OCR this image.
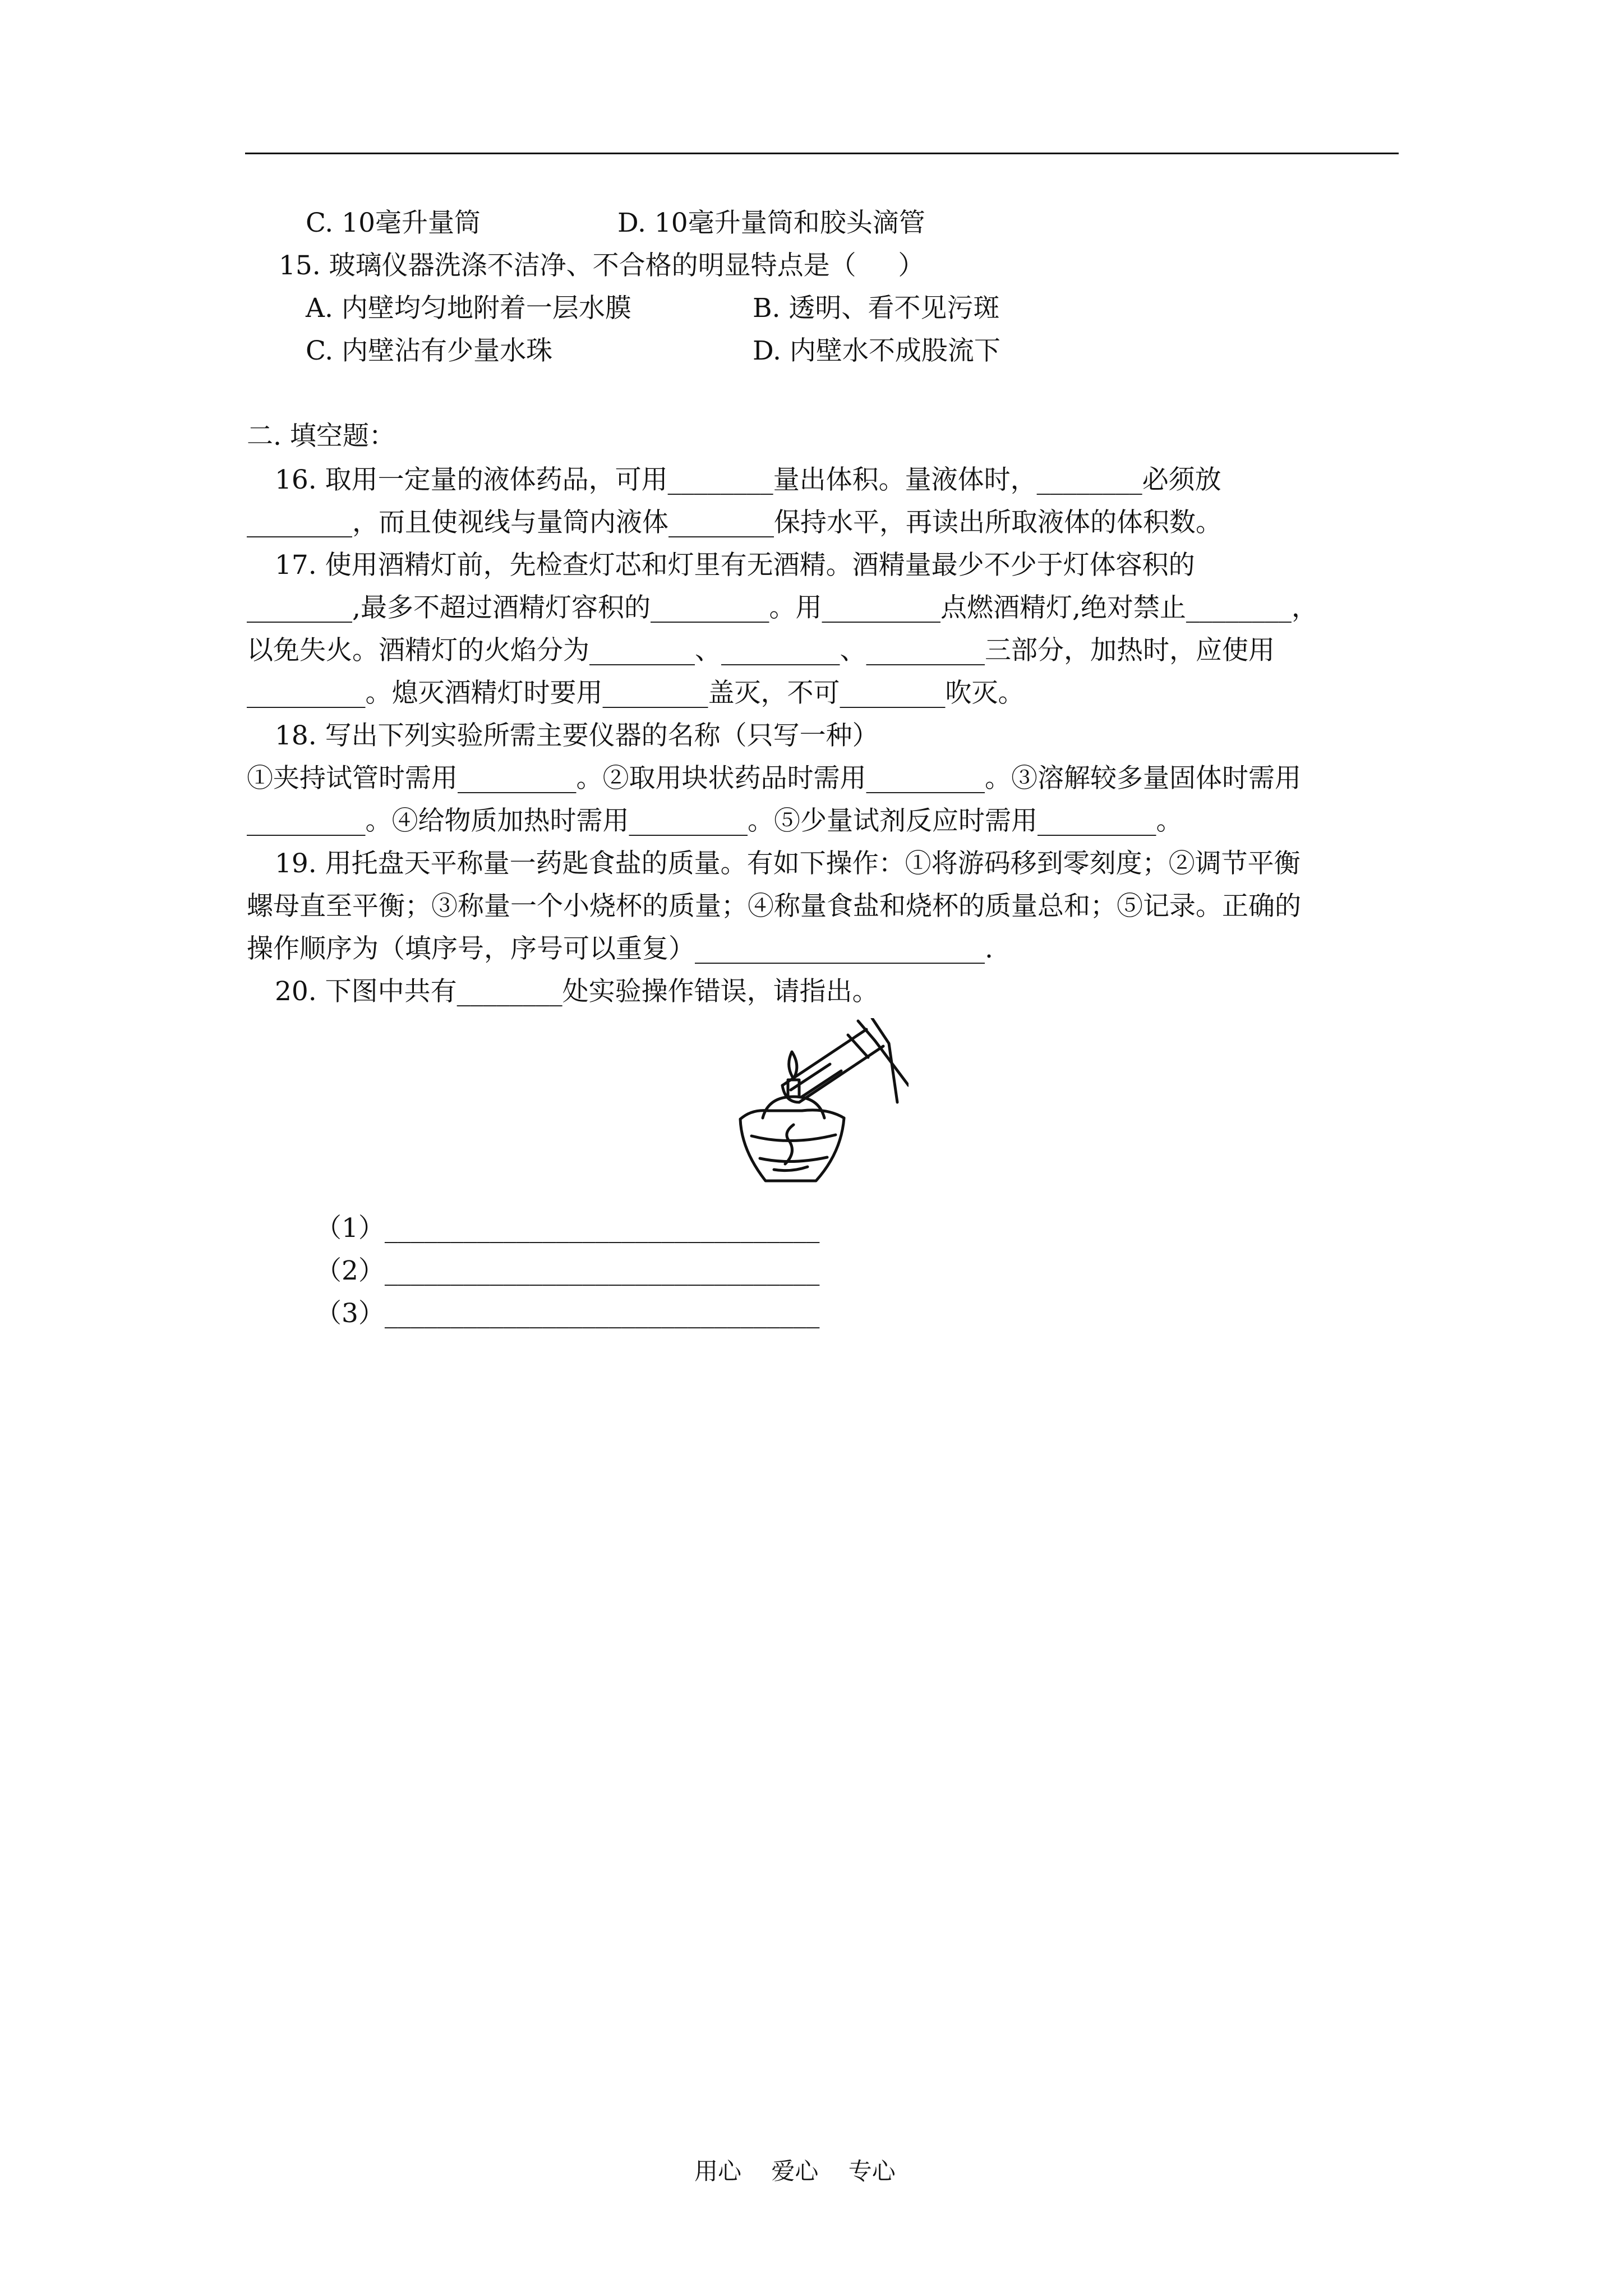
C. 10毫升量筒	D. 10毫升量筒和胶头滴管
15. 玻璃仪器洗涤不洁净、不合格的明显特点是（     ）
A. 内壁均匀地附着一层水膜	B. 透明、看不见污斑
C. 内壁沾有少量水珠	D. 内壁水不成股流下
二. 填空题：
16. 取用一定量的液体药品，可用________量出体积。量液体时，________必须放
________，而且使视线与量筒内液体________保持水平，再读出所取液体的体积数。
17. 使用酒精灯前，先检查灯芯和灯里有无酒精。酒精量最少不少于灯体容积的
________,最多不超过酒精灯容积的_________。用_________点燃酒精灯,绝对禁止________，
以免失火。酒精灯的火焰分为________、_________、_________三部分，加热时，应使用
_________。熄灭酒精灯时要用________盖灭，不可________吹灭。
18. 写出下列实验所需主要仪器的名称（只写一种）
①夹持试管时需用_________。②取用块状药品时需用_________。③溶解较多量固体时需用
_________。④给物质加热时需用_________。⑤少量试剂反应时需用_________。
19. 用托盘天平称量一药匙食盐的质量。有如下操作：①将游码移到零刻度；②调节平衡
螺母直至平衡；③称量一个小烧杯的质量；④称量食盐和烧杯的质量总和；⑤记录。正确的
操作顺序为（填序号，序号可以重复）______________________.
20. 下图中共有________处实验操作错误，请指出。
（1）_________________________________
（2）_________________________________
（3）_________________________________
用心    爱心    专心
